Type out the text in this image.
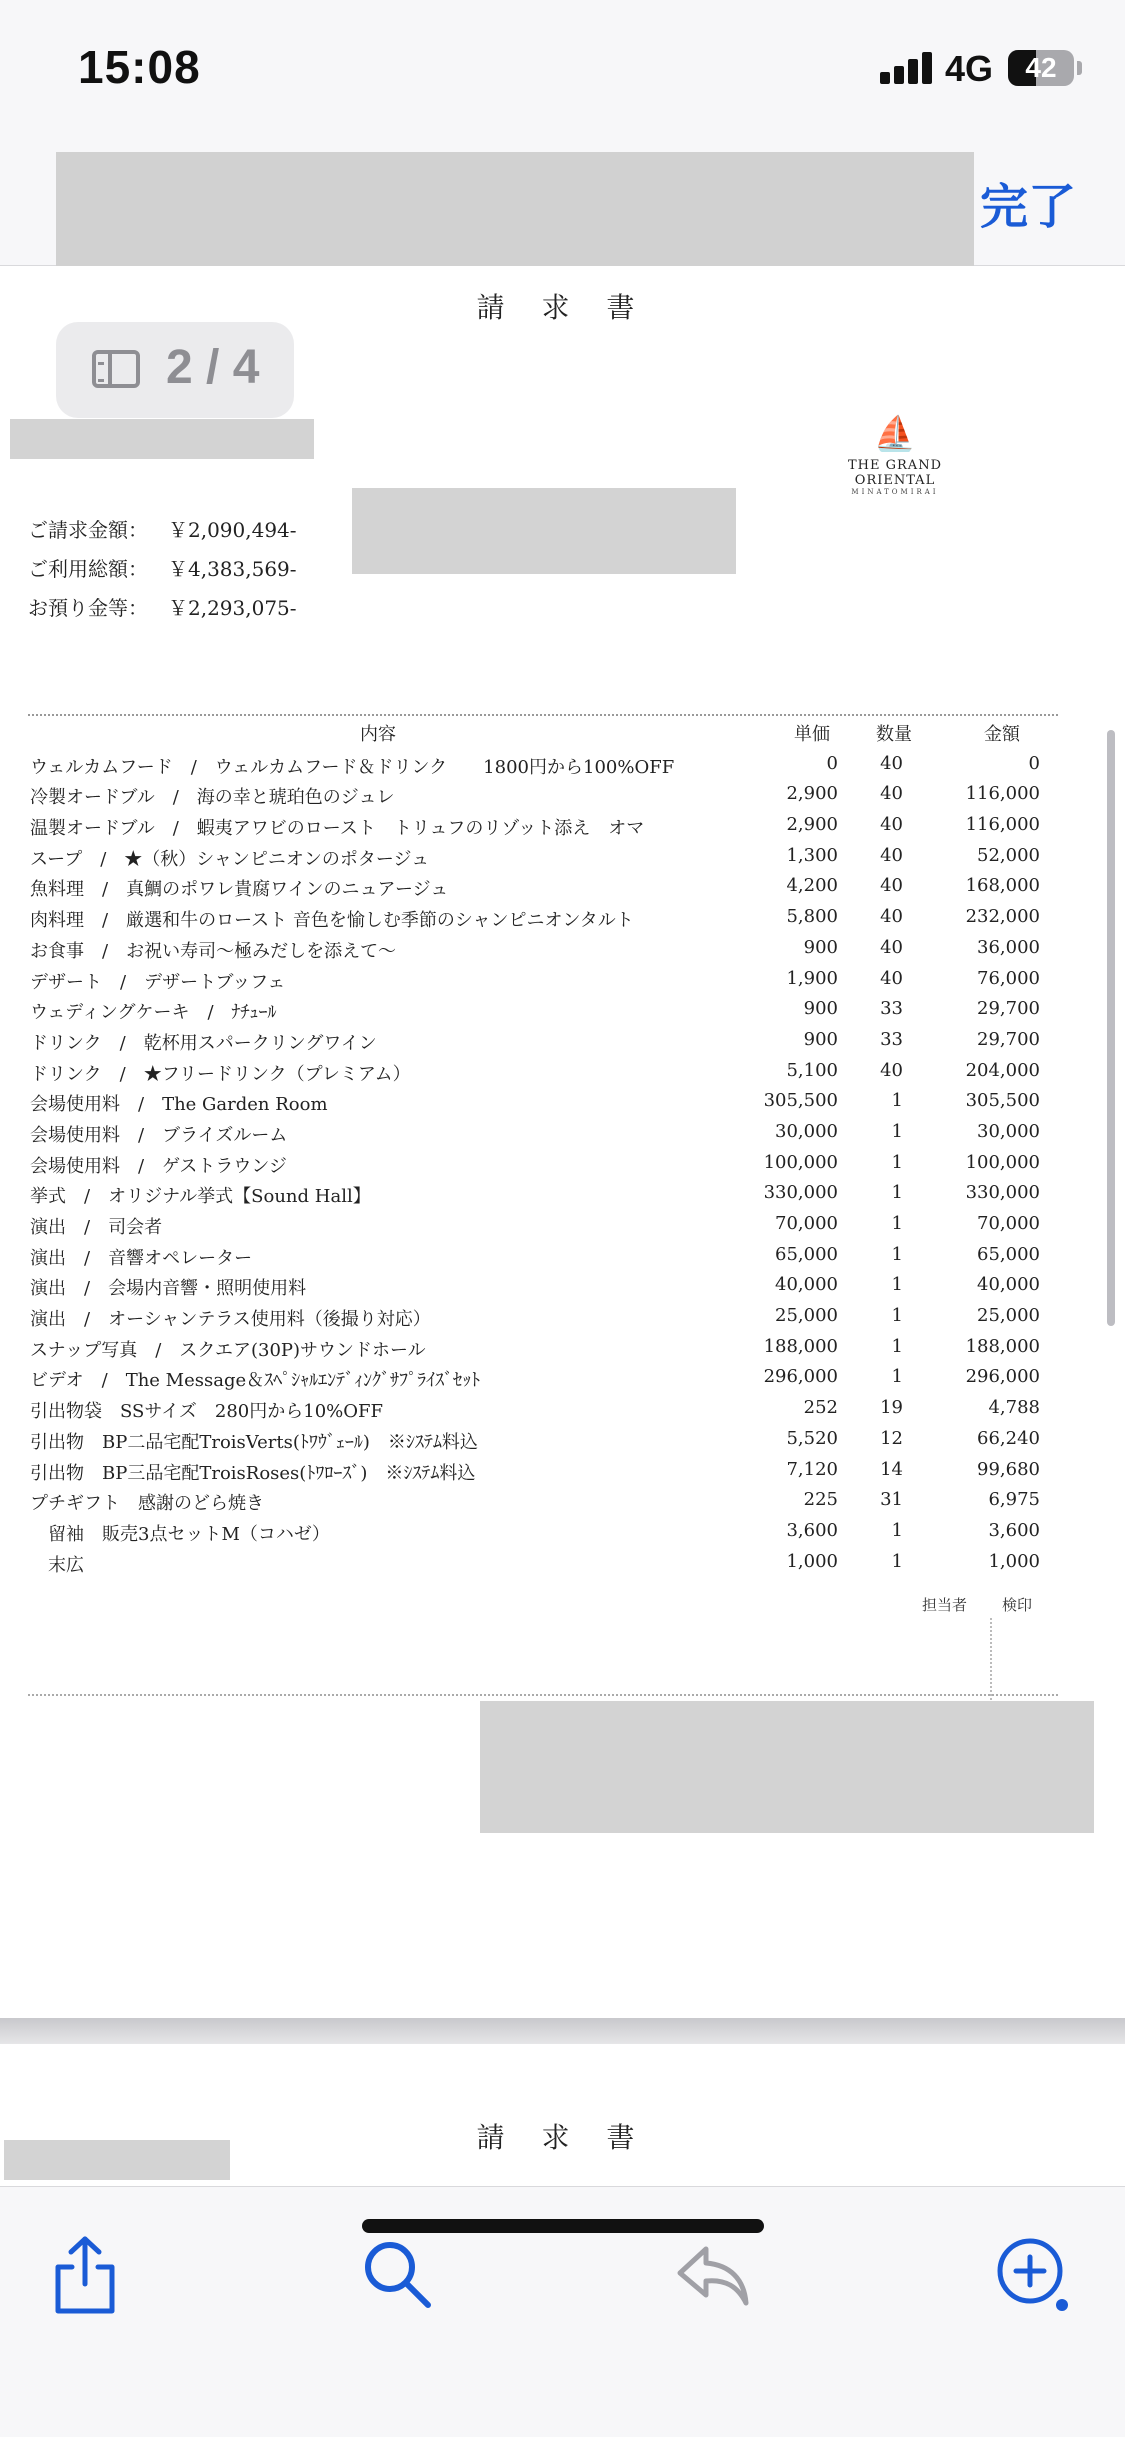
15:08	4G	42
完了
請 求 書
2 / 4
⛵
THE GRAND ORIENTAL
MINATOMIRAI
ご請求金額： ￥2,090,494-
ご利用総額： ￥4,383,569-
お預り金等： ￥2,293,075-
内容	単価	数量	金額
ウェルカムフード　/　ウェルカムフード＆ドリンク　　1800円から100%OFF	0 40	0
冷製オードブル　/　海の幸と琥珀色のジュレ	2,900 40	116,000
温製オードブル　/　蝦夷アワビのロースト　トリュフのリゾット添え　オマ	2,900 40	116,000
スープ　/　★（秋）シャンピニオンのポタージュ	1,300 40	52,000
魚料理　/　真鯛のポワレ貴腐ワインのニュアージュ	4,200 40	168,000
肉料理　/　厳選和牛のロースト 音色を愉しむ季節のシャンピニオンタルト	5,800 40	232,000
お食事　/　お祝い寿司～極みだしを添えて～	900 40	36,000
デザート　/　デザートブッフェ	1,900 40	76,000
ウェディングケーキ　/　ﾅﾁｭｰﾙ	900 33	29,700
ドリンク　/　乾杯用スパークリングワイン	900 33	29,700
ドリンク　/　★フリードリンク（プレミアム）	5,100 40	204,000
会場使用料　/　The Garden Room	305,500	1	305,500
会場使用料　/　ブライズルーム	30,000	1	30,000
会場使用料　/　ゲストラウンジ	100,000	1	100,000
挙式　/　オリジナル挙式【Sound Hall】	330,000	1	330,000
演出　/　司会者	70,000	1	70,000
演出　/　音響オペレーター	65,000	1	65,000
演出　/　会場内音響・照明使用料	40,000	1	40,000
演出　/　オーシャンテラス使用料（後撮り対応）	25,000	1	25,000
スナップ写真　/　スクエア(30P)サウンドホール	188,000	1	188,000
ビデオ　/　The Message＆ｽﾍﾟｼｬﾙｴﾝﾃﾞｨﾝｸﾞｻﾌﾟﾗｲｽﾞｾｯﾄ	296,000	1	296,000
引出物袋　SSサイズ　280円から10%OFF	252 19	4,788
引出物　BP二品宅配TroisVerts(ﾄﾜｳﾞｪｰﾙ)　※ｼｽﾃﾑ料込	5,520 12	66,240
引出物　BP三品宅配TroisRoses(ﾄﾜﾛｰｽﾞ)　※ｼｽﾃﾑ料込	7,120 14	99,680
プチギフト　感謝のどら焼き	225 31	6,975
　留袖　販売3点セットM（コハゼ）	3,600	1	3,600
　末広	1,000	1	1,000
担当者 検印
請 求 書
